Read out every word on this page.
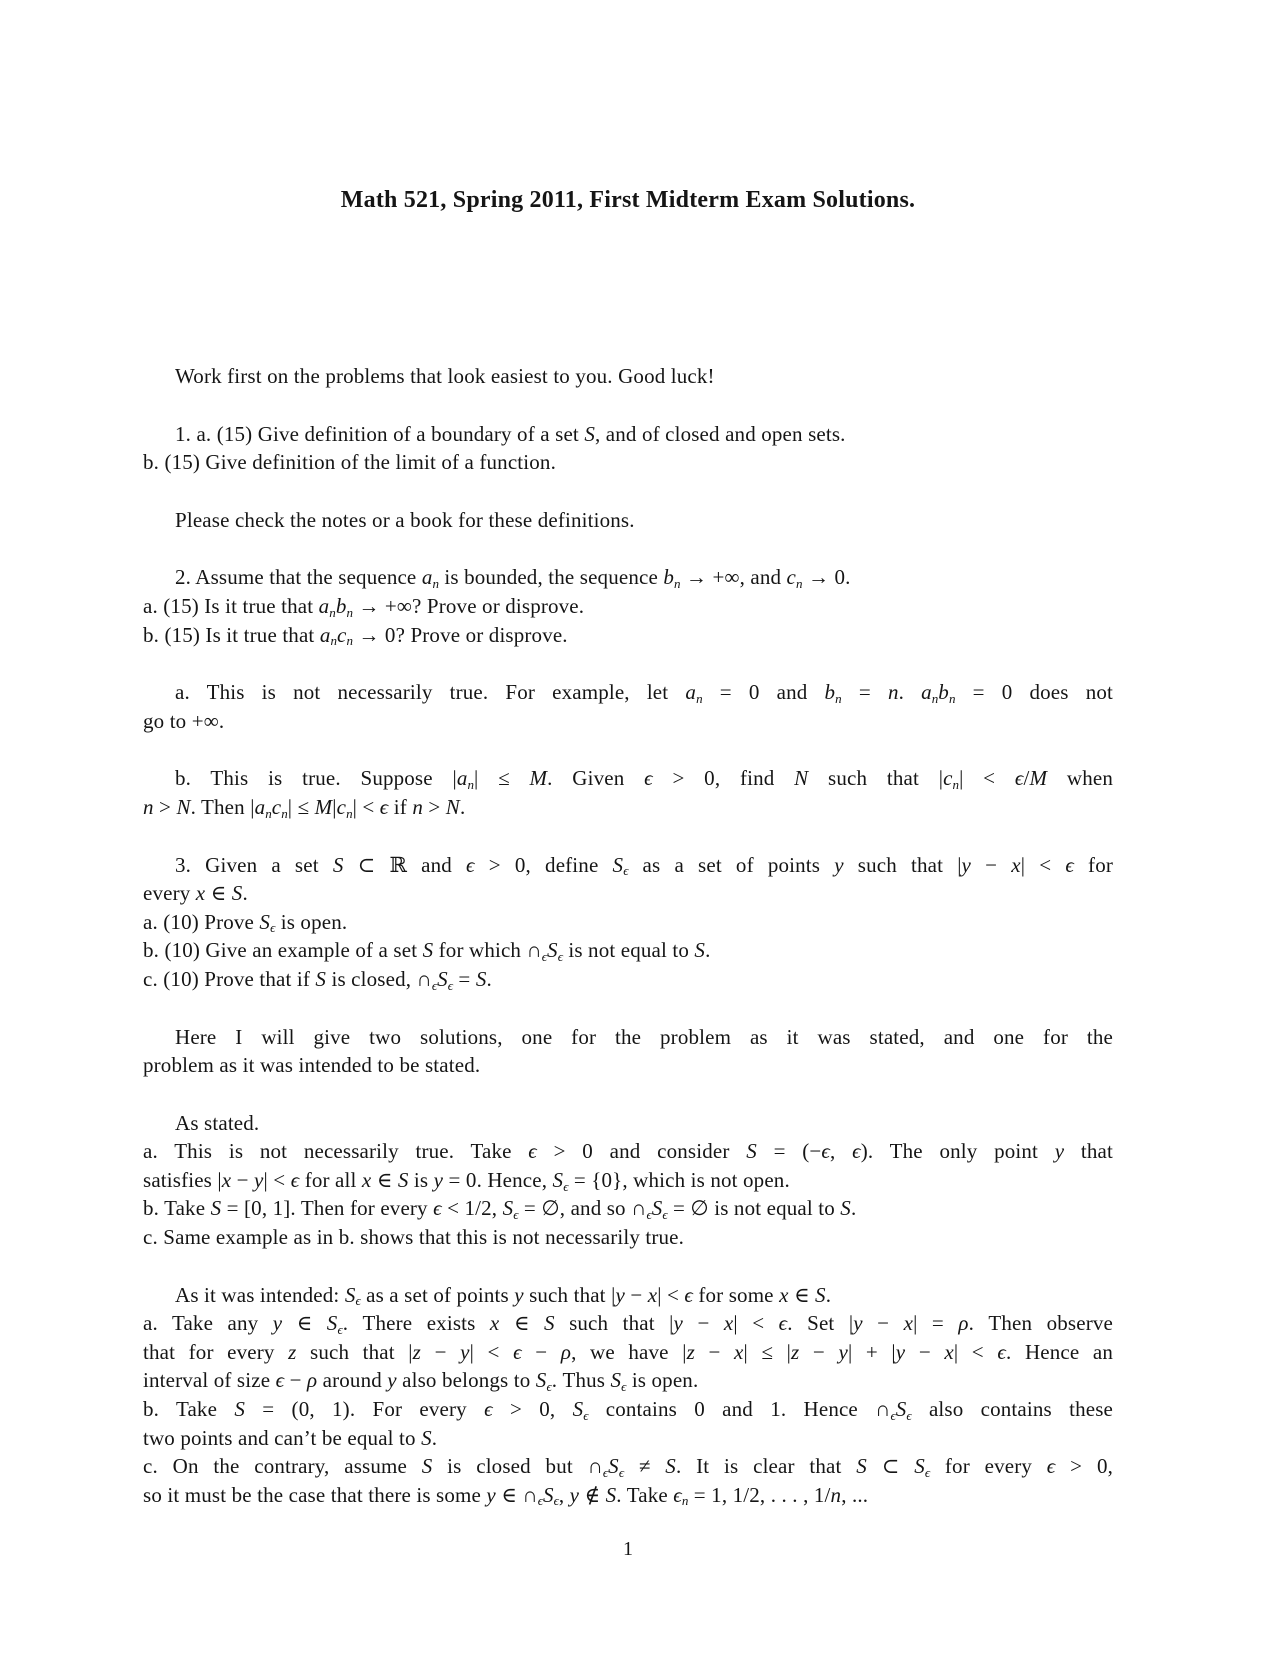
Math 521, Spring 2011, First Midterm Exam Solutions.
Work first on the problems that look easiest to you. Good luck!
1. a. (15) Give definition of a boundary of a set S, and of closed and open sets.
b. (15) Give definition of the limit of a function.
Please check the notes or a book for these definitions.
2. Assume that the sequence $a_n$ is bounded, the sequence $b_n$ → +∞, and $c_n \to 0$.
a. (15) Is it true that $a_nb_n$ → +∞? Prove or disprove.
b. (15) Is it true that $a_nc_n \to 0$? Prove or disprove.
a. This is not necessarily true. For example, let $a_n = 0$ and $b_n = n$. $a_nb_n = 0$ does not
go to +∞.
b. This is true. Suppose $|a_n| \le M$. Given ϵ > 0, find N such that $|c_n| < \epsilon/M$ when
n > N. Then $|a_nc_n| \le M|c_n| < \epsilon$ if n > N.
3. Given a set S ⊂ ℝ and ϵ > 0, define $S_\epsilon$ as a set of points y such that |y − x| < ϵ for
every x ∈ S.
a. (10) Prove $S_\epsilon$ is open.
b. (10) Give an example of a set S for which $\cap_\epsilon S_\epsilon$ is not equal to S.
c. (10) Prove that if S is closed, $\cap_\epsilon S_\epsilon = S$.
Here I will give two solutions, one for the problem as it was stated, and one for the
problem as it was intended to be stated.
As stated.
a. This is not necessarily true. Take ϵ > 0 and consider S = (−ϵ, ϵ). The only point y that
satisfies |x − y| < ϵ for all x ∈ S is y = 0. Hence, $S_\epsilon = \{0\}$, which is not open.
b. Take S = [0, 1]. Then for every ϵ < 1/2, $S_\epsilon$ = ∅, and so $\cap_\epsilon S_\epsilon$ = ∅ is not equal to S.
c. Same example as in b. shows that this is not necessarily true.
As it was intended: $S_\epsilon$ as a set of points y such that |y − x| < ϵ for some x ∈ S.
a. Take any y ∈ $S_\epsilon$. There exists x ∈ S such that |y − x| < ϵ. Set |y − x| = ρ. Then observe
that for every z such that |z − y| < ϵ − ρ, we have |z − x| ≤ |z − y| + |y − x| < ϵ. Hence an
interval of size ϵ − ρ around y also belongs to $S_\epsilon$. Thus $S_\epsilon$ is open.
b. Take S = (0, 1). For every ϵ > 0, $S_\epsilon$ contains 0 and 1. Hence $\cap_\epsilon S_\epsilon$ also contains these
two points and can’t be equal to S.
c. On the contrary, assume S is closed but $\cap_\epsilon S_\epsilon \ne S$. It is clear that S ⊂ $S_\epsilon$ for every ϵ > 0,
so it must be the case that there is some y ∈ $\cap_\epsilon S_\epsilon$, y ∉ S. Take $\epsilon_n = 1$, 1/2, . . . , 1/n, ...
1
